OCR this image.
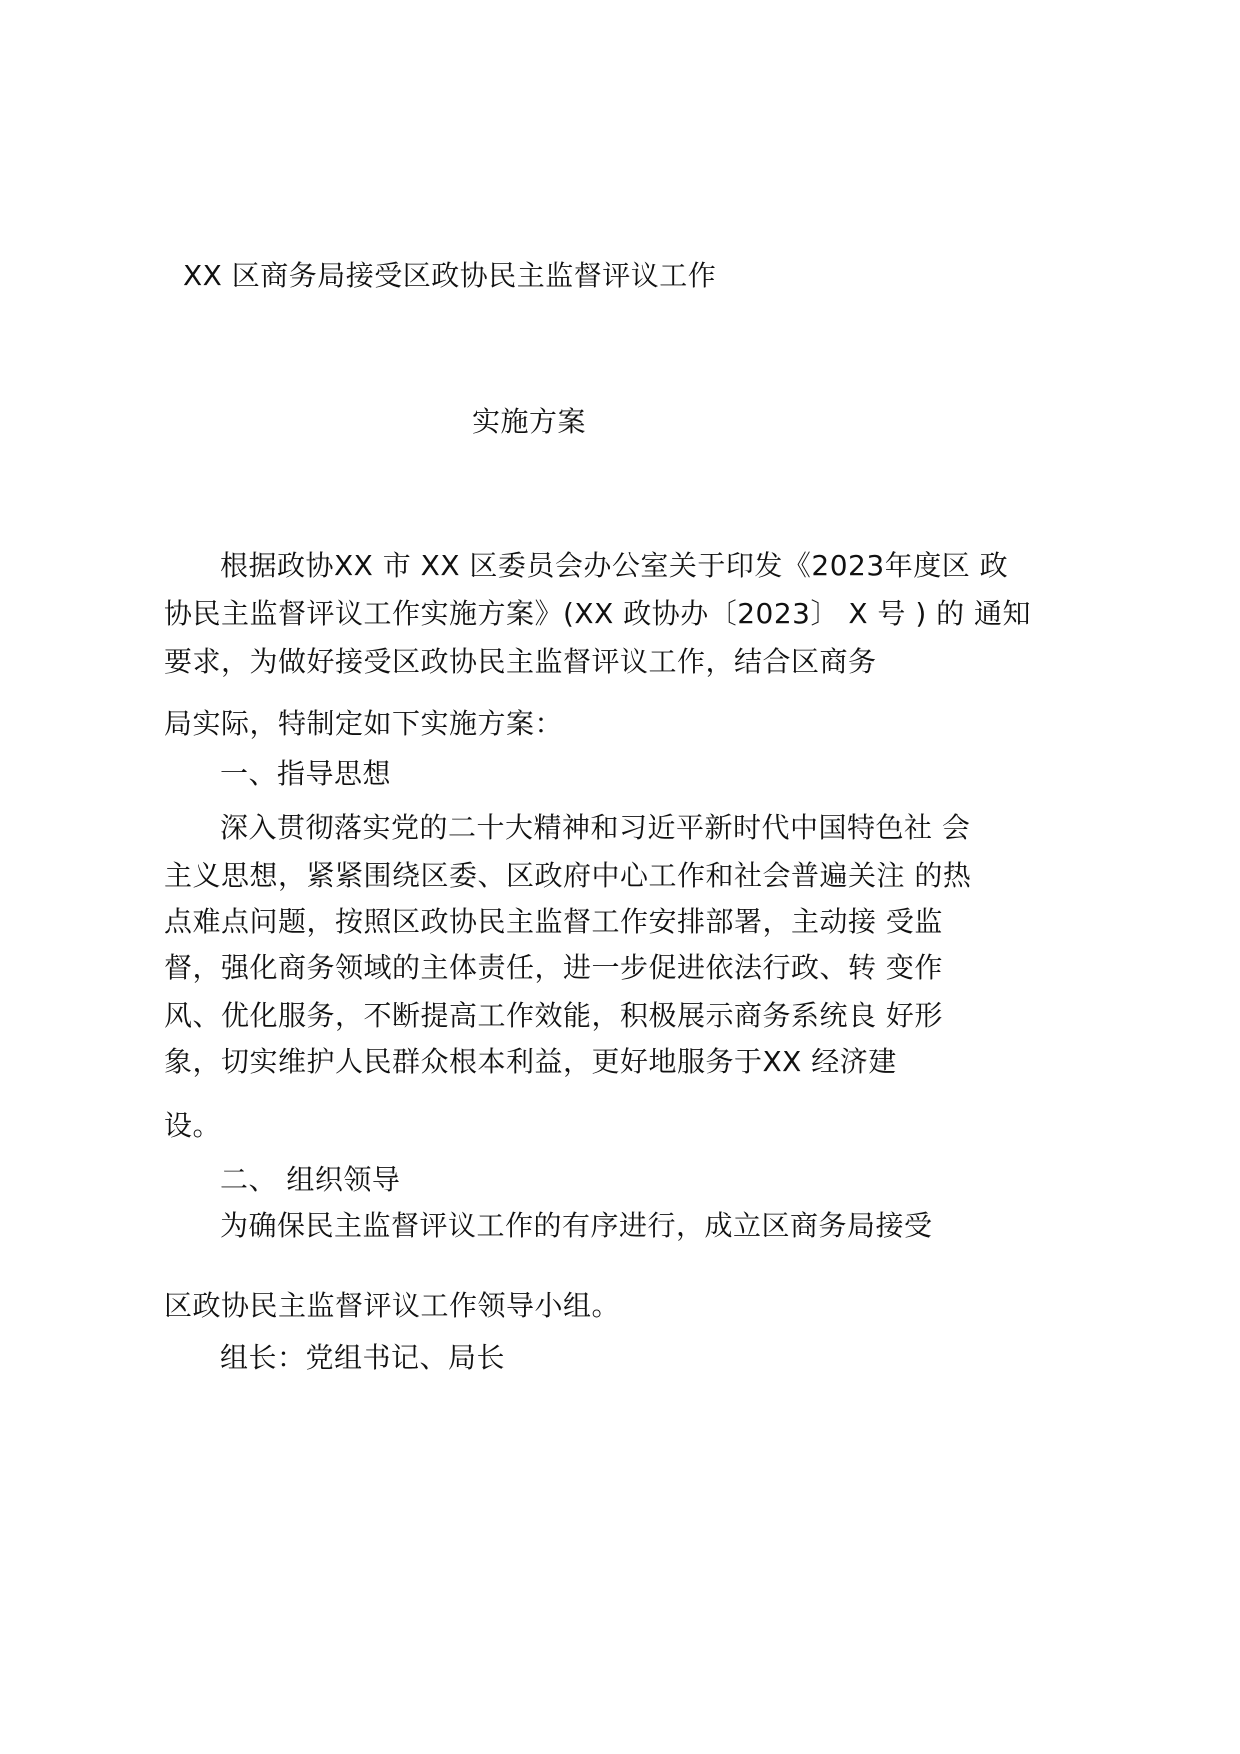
XX 区商务局接受区政协民主监督评议工作
实施方案
根据政协XX 市 XX 区委员会办公室关于印发《2023年度区 政
协民主监督评议工作实施方案》(XX 政协办〔2023〕 X 号 ) 的 通知
要求，为做好接受区政协民主监督评议工作，结合区商务
局实际，特制定如下实施方案：
一、指导思想
深入贯彻落实党的二十大精神和习近平新时代中国特色社 会
主义思想，紧紧围绕区委、区政府中心工作和社会普遍关注 的热
点难点问题，按照区政协民主监督工作安排部署，主动接 受监
督，强化商务领域的主体责任，进一步促进依法行政、转 变作
风、优化服务，不断提高工作效能，积极展示商务系统良 好形
象，切实维护人民群众根本利益，更好地服务于XX 经济建
设。
二、 组织领导
为确保民主监督评议工作的有序进行，成立区商务局接受
区政协民主监督评议工作领导小组。
组长：党组书记、局长
